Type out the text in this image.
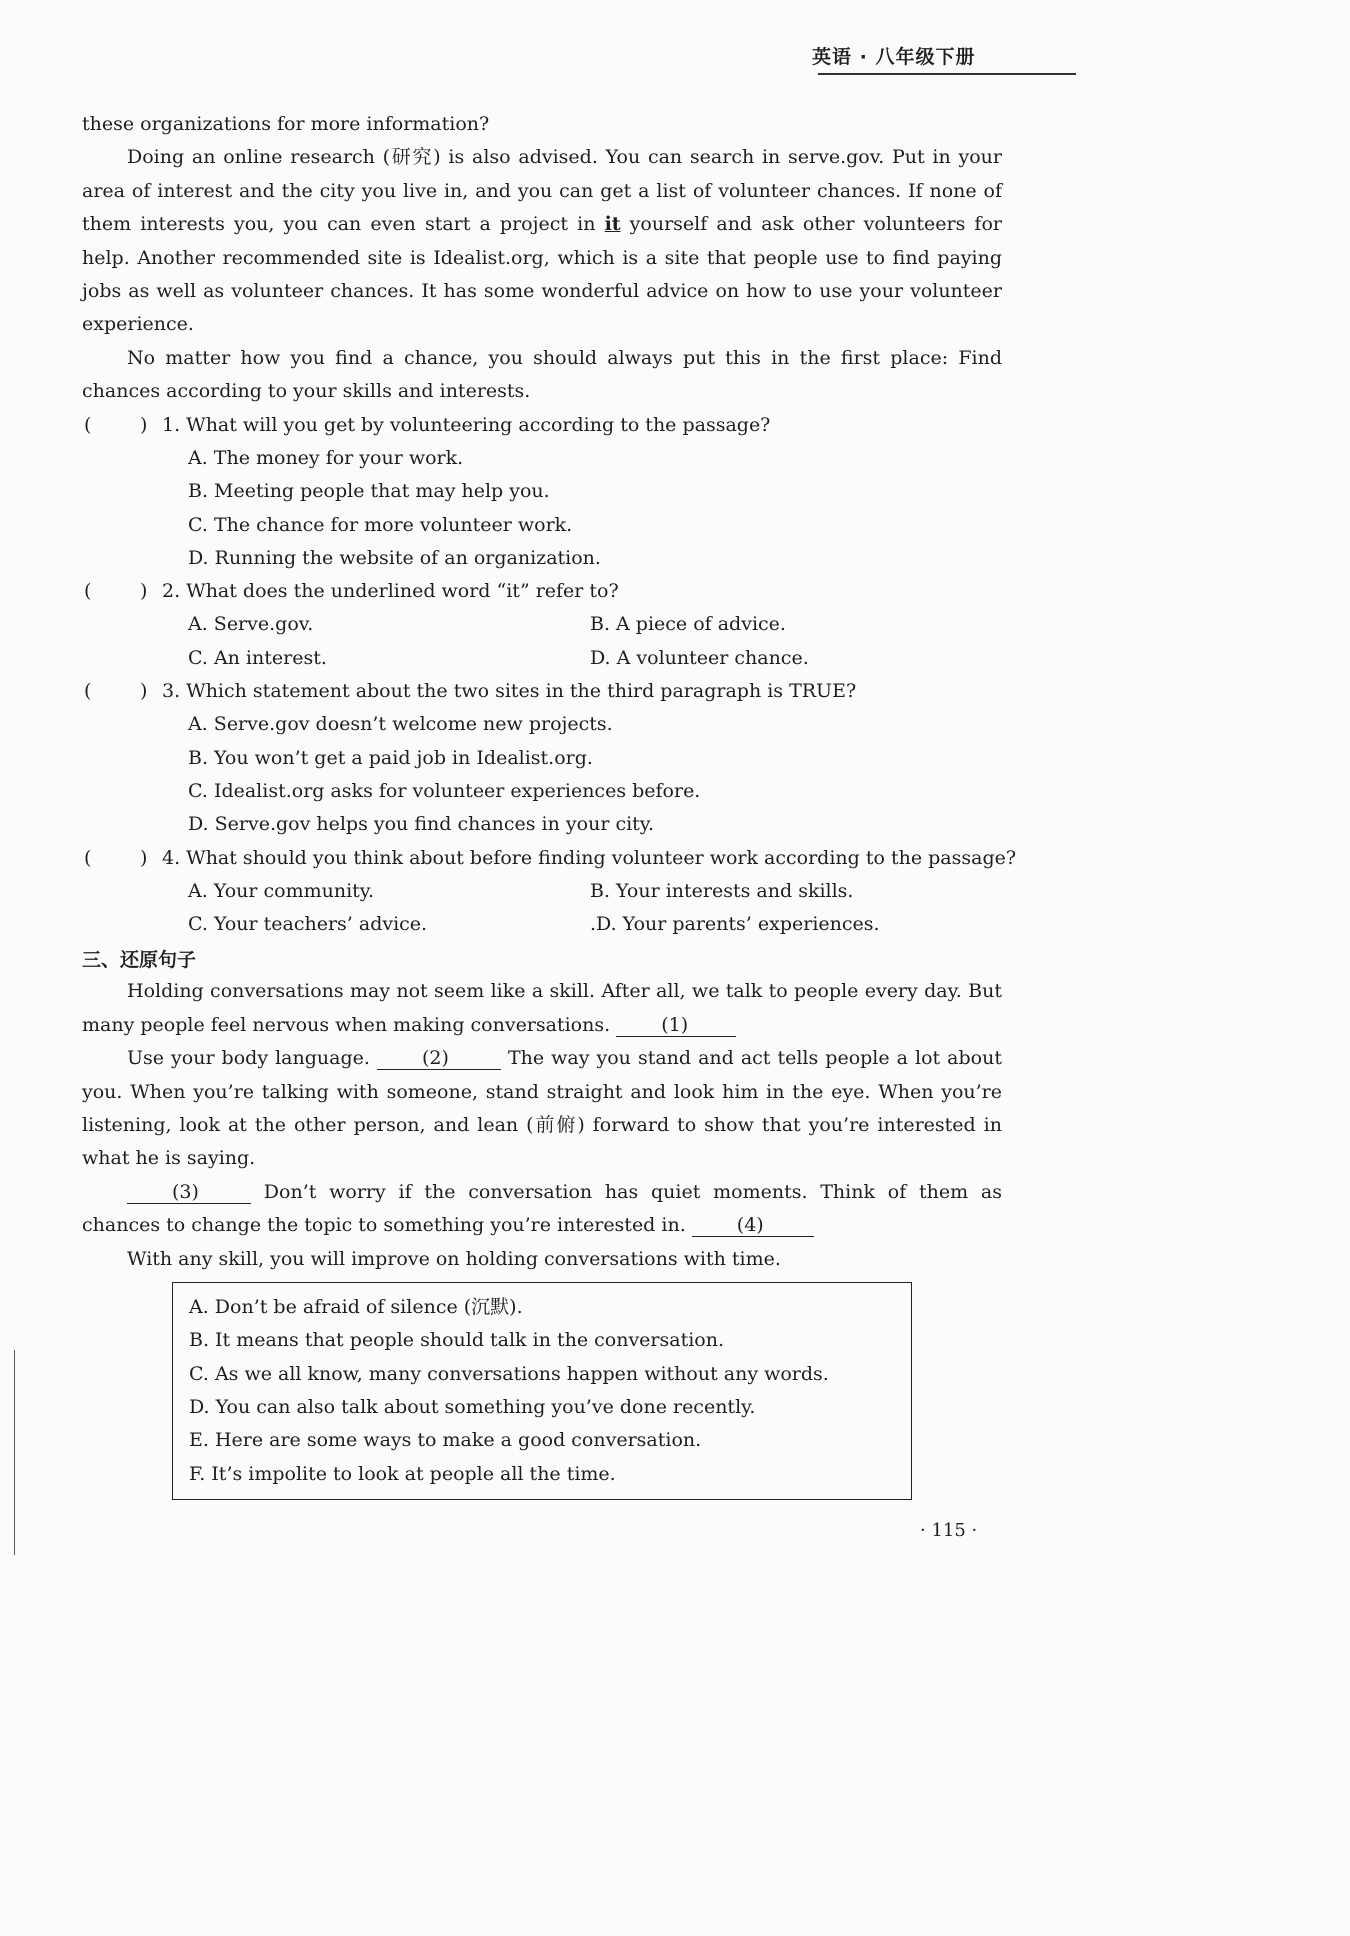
英语 · 八年级下册

these organizations for more information?

Doing an online research (研究) is also advised. You can search in serve.gov. Put in your area of interest and the city you live in, and you can get a list of volunteer chances. If none of them interests you, you can even start a project in it yourself and ask other volunteers for help. Another recommended site is Idealist.org, which is a site that people use to find paying jobs as well as volunteer chances. It has some wonderful advice on how to use your volunteer experience.

No matter how you find a chance, you should always put this in the first place: Find chances according to your skills and interests.

(	) 1. What will you get by volunteering according to the passage?
A. The money for your work.
B. Meeting people that may help you.
C. The chance for more volunteer work.
D. Running the website of an organization.
(	) 2. What does the underlined word “it” refer to?
A. Serve.gov.	B. A piece of advice.
C. An interest.	D. A volunteer chance.
(	) 3. Which statement about the two sites in the third paragraph is TRUE?
A. Serve.gov doesn’t welcome new projects.
B. You won’t get a paid job in Idealist.org.
C. Idealist.org asks for volunteer experiences before.
D. Serve.gov helps you find chances in your city.
(	) 4. What should you think about before finding volunteer work according to the passage?
A. Your community.	B. Your interests and skills.
C. Your teachers’ advice.	.D. Your parents’ experiences.
三、还原句子

Holding conversations may not seem like a skill. After all, we talk to people every day. But many people feel nervous when making conversations.	(1)

Use your body language.	(2)	The way you stand and act tells people a lot about you. When you’re talking with someone, stand straight and look him in the eye. When you’re listening, look at the other person, and lean (前俯) forward to show that you’re interested in what he is saying.

(3)	Don’t worry if the conversation has quiet moments. Think of them as chances to change the topic to something you’re interested in.	(4)

With any skill, you will improve on holding conversations with time.

A. Don’t be afraid of silence (沉默).
B. It means that people should talk in the conversation.
C. As we all know, many conversations happen without any words.
D. You can also talk about something you’ve done recently.
E. Here are some ways to make a good conversation.
F. It’s impolite to look at people all the time.
· 115 ·
